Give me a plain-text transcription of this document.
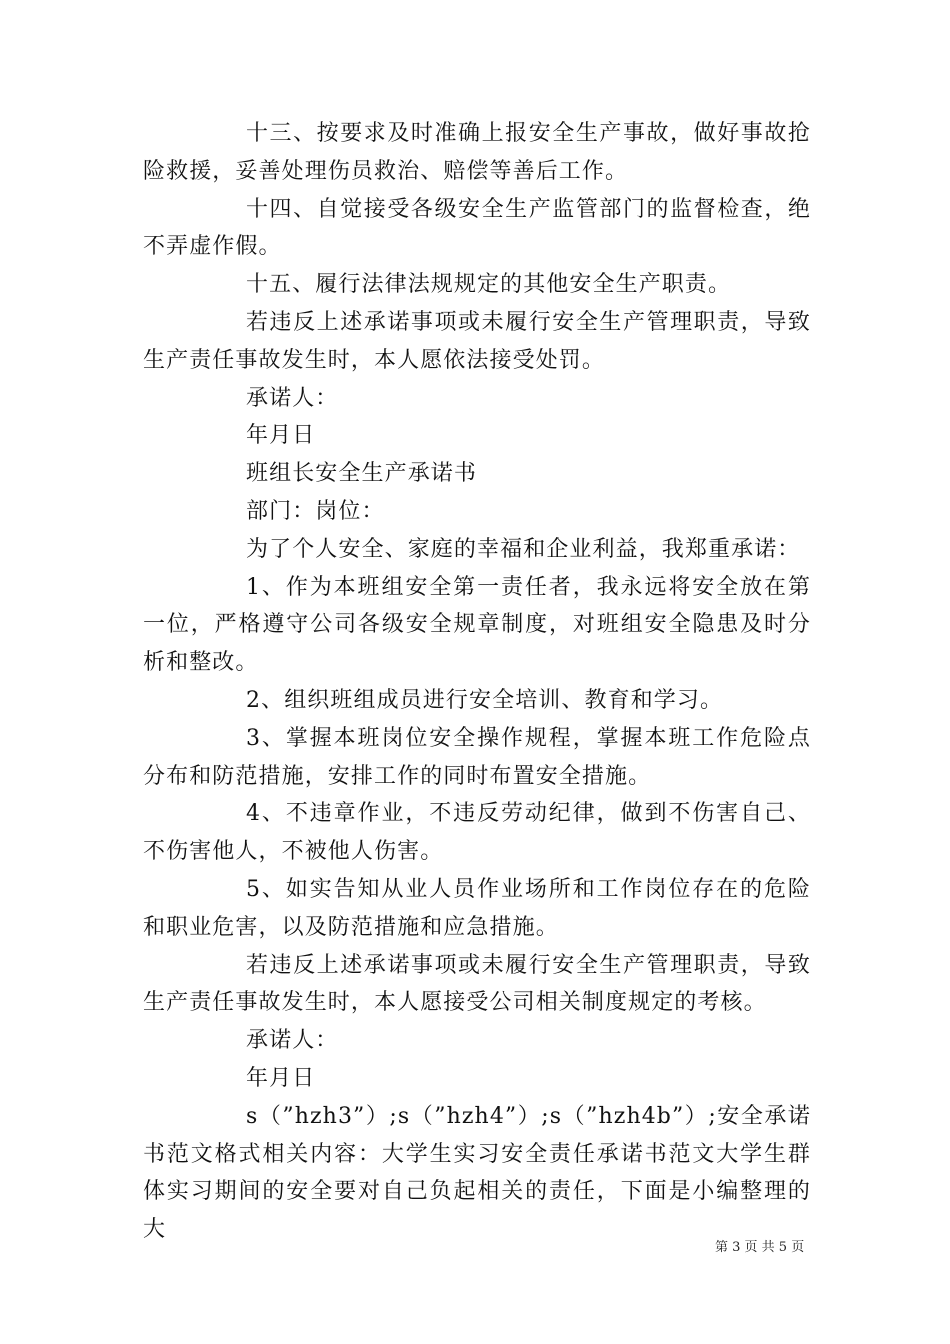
十三、按要求及时准确上报安全生产事故，做好事故抢险救援，妥善处理伤员救治、赔偿等善后工作。

十四、自觉接受各级安全生产监管部门的监督检查，绝不弄虚作假。

十五、履行法律法规规定的其他安全生产职责。

若违反上述承诺事项或未履行安全生产管理职责，导致生产责任事故发生时，本人愿依法接受处罚。

承诺人：

年月日

班组长安全生产承诺书

部门：岗位：

为了个人安全、家庭的幸福和企业利益，我郑重承诺：

1、作为本班组安全第一责任者，我永远将安全放在第一位，严格遵守公司各级安全规章制度，对班组安全隐患及时分析和整改。

2、组织班组成员进行安全培训、教育和学习。

3、掌握本班岗位安全操作规程，掌握本班工作危险点分布和防范措施，安排工作的同时布置安全措施。

4、不违章作业，不违反劳动纪律，做到不伤害自己、不伤害他人，不被他人伤害。

5、如实告知从业人员作业场所和工作岗位存在的危险和职业危害，以及防范措施和应急措施。

若违反上述承诺事项或未履行安全生产管理职责，导致生产责任事故发生时，本人愿接受公司相关制度规定的考核。

承诺人：

年月日

s（”hzh3”）;s（”hzh4”）;s（”hzh4b”）;安全承诺书范文格式相关内容：大学生实习安全责任承诺书范文大学生群体实习期间的安全要对自己负起相关的责任，下面是小编整理的大

第 3 页 共 5 页
